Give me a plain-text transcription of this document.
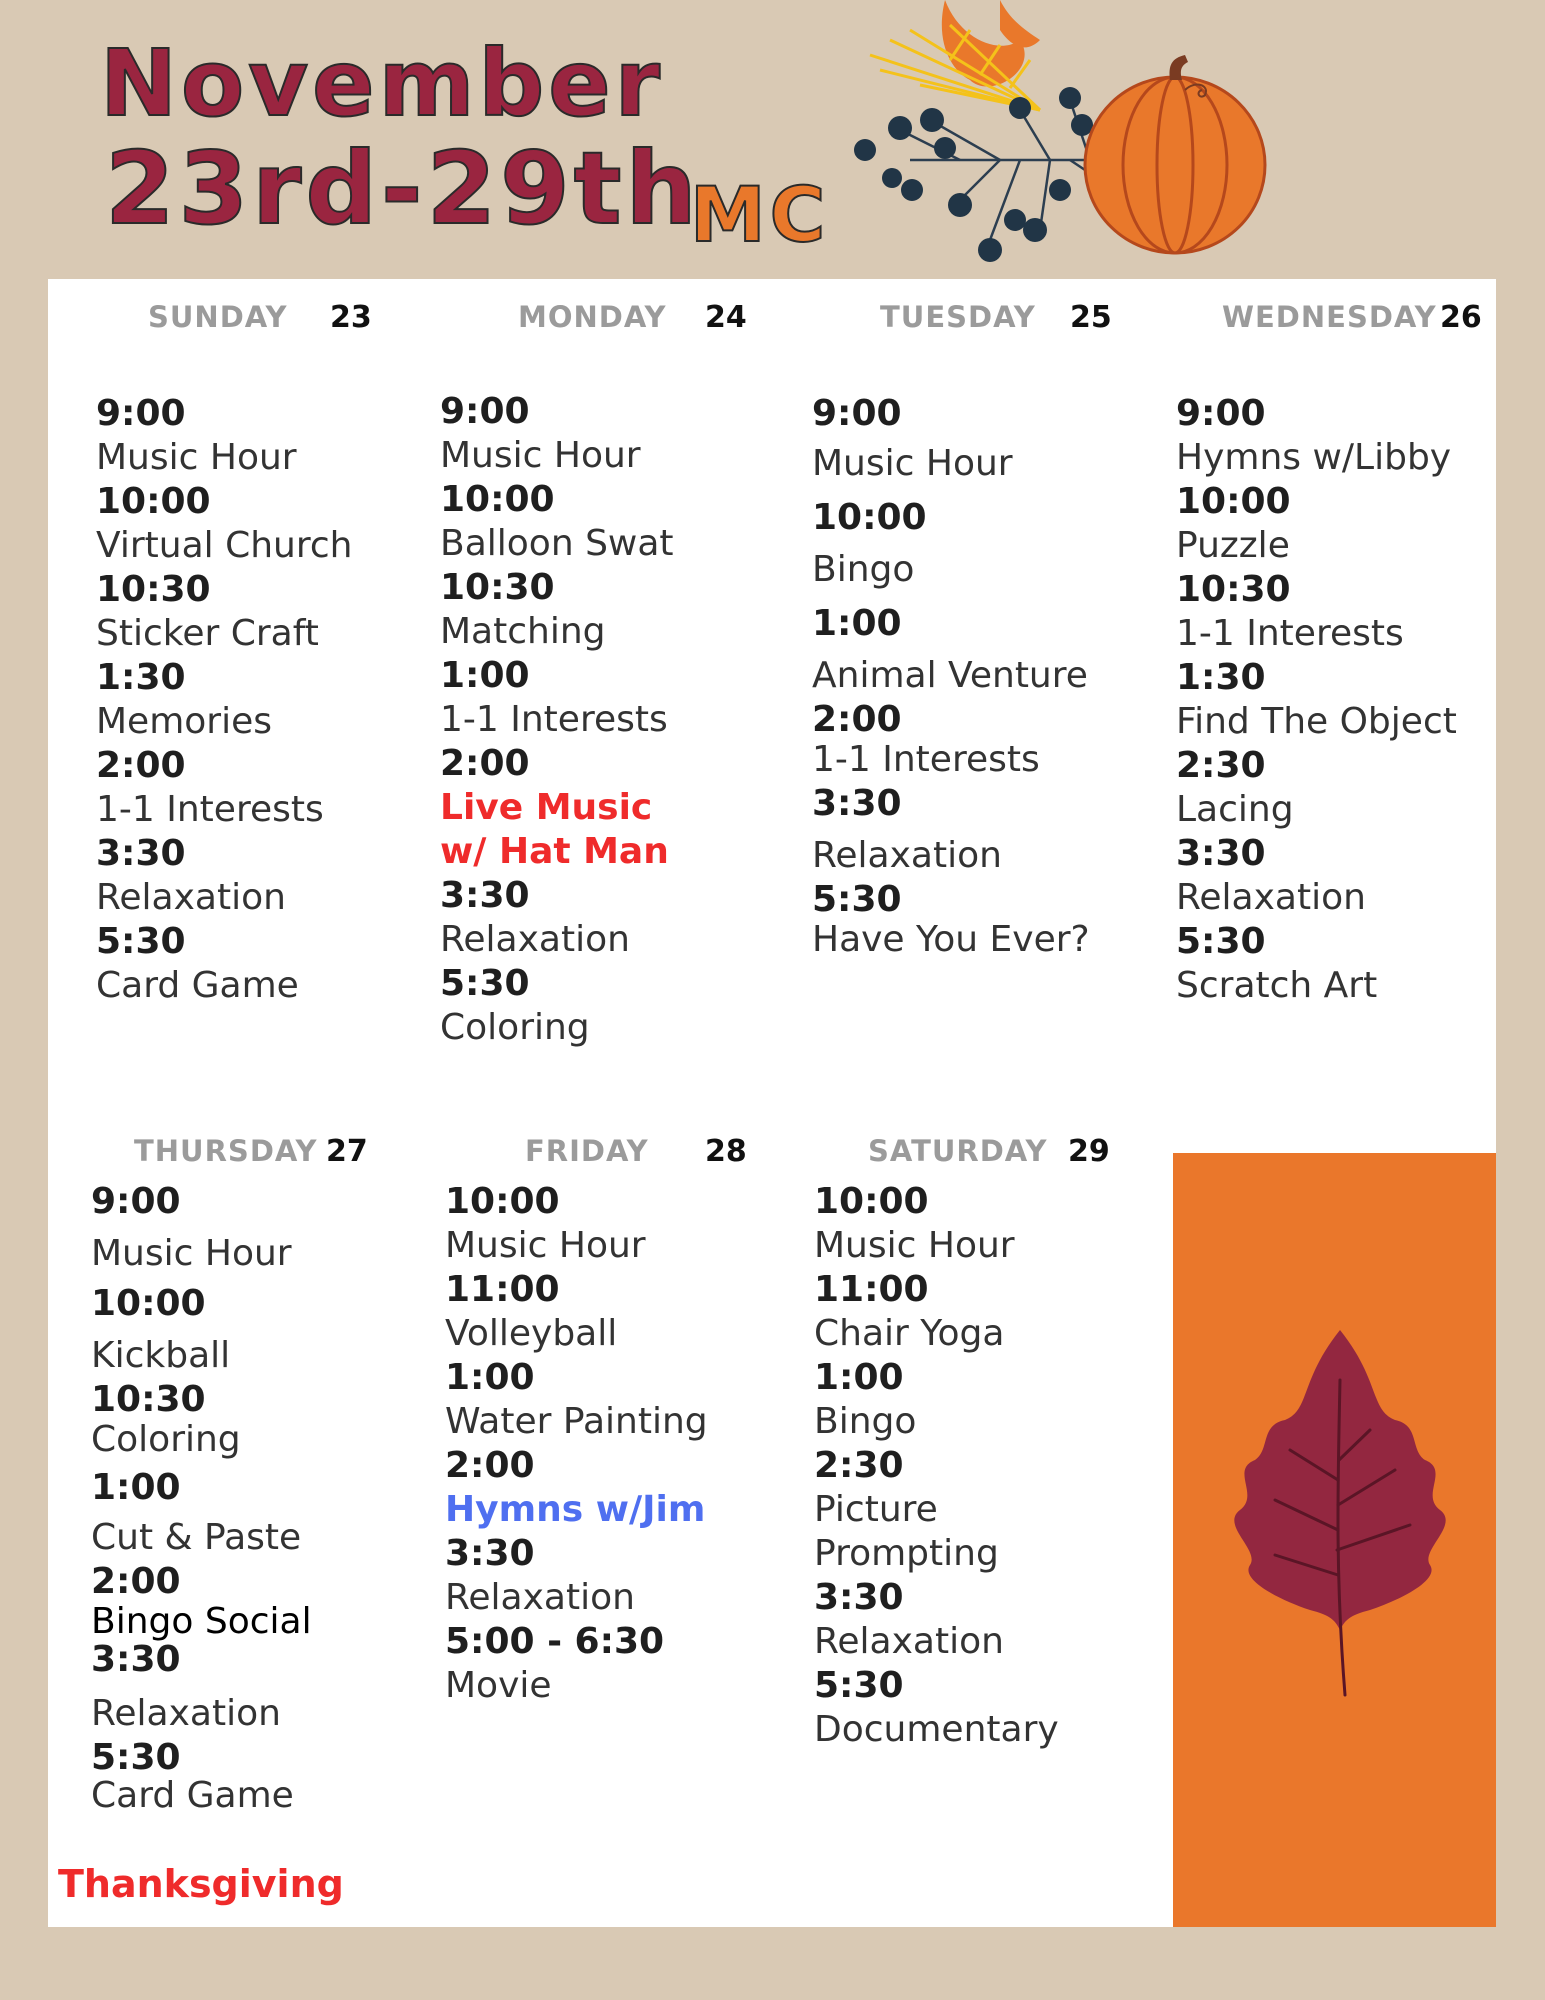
November
23rd-29th
MC
SUNDAY 23
9:00
Music Hour
10:00
Virtual Church
10:30
Sticker Craft
1:30
Memories
2:00
1-1 Interests
3:30
Relaxation
5:30
Card Game
MONDAY 24
9:00
Music Hour
10:00
Balloon Swat
10:30
Matching
1:00
1-1 Interests
2:00
Live Music
w/ Hat Man
3:30
Relaxation
5:30
Coloring
TUESDAY 25
9:00
Music Hour
10:00
Bingo
1:00
Animal Venture
2:00
1-1 Interests
3:30
Relaxation
5:30
Have You Ever?
WEDNESDAY 26
9:00
Hymns w/Libby
10:00
Puzzle
10:30
1-1 Interests
1:30
Find The Object
2:30
Lacing
3:30
Relaxation
5:30
Scratch Art
THURSDAY 27
9:00
Music Hour
10:00
Kickball
10:30
Coloring
1:00
Cut & Paste
2:00
Bingo Social
3:30
Relaxation
5:30
Card Game
FRIDAY 28
10:00
Music Hour
11:00
Volleyball
1:00
Water Painting
2:00
Hymns w/Jim
3:30
Relaxation
5:00 - 6:30
Movie
SATURDAY 29
10:00
Music Hour
11:00
Chair Yoga
1:00
Bingo
2:30
Picture
Prompting
3:30
Relaxation
5:30
Documentary
Thanksgiving
